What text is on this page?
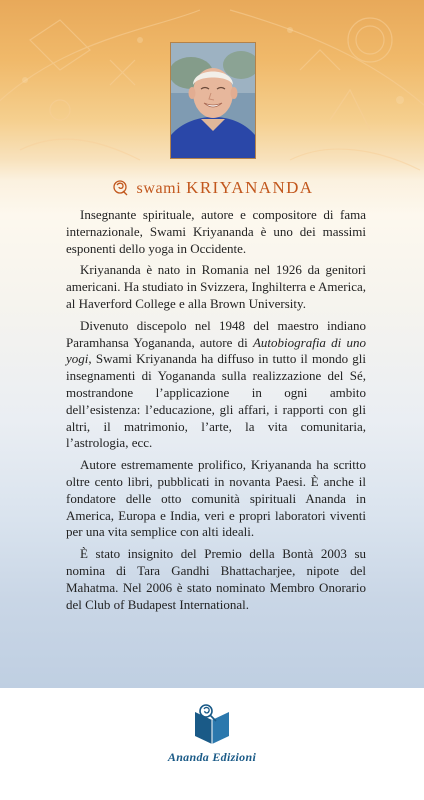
swami KRIYANANDA

Insegnante spirituale, autore e compositore di fama internazionale, Swami Kriyananda è uno dei massimi esponenti dello yoga in Occidente.

Kriyananda è nato in Romania nel 1926 da genitori americani. Ha studiato in Svizzera, Inghilterra e America, al Haverford College e alla Brown University.

Divenuto discepolo nel 1948 del maestro indiano Paramhansa Yogananda, autore di Autobiografia di uno yogi, Swami Kriyananda ha diffuso in tutto il mondo gli insegnamenti di Yogananda sulla realizzazione del Sé, mostrandone l’applicazione in ogni ambito dell’esistenza: l’educazione, gli affari, i rapporti con gli altri, il matrimonio, l’arte, la vita comunitaria, l’astrologia, ecc.

Autore estremamente prolifico, Kriyananda ha scritto oltre cento libri, pubblicati in novanta Paesi. È anche il fondatore delle otto comunità spirituali Ananda in America, Europa e India, veri e propri laboratori viventi per una vita semplice con alti ideali.

È stato insignito del Premio della Bontà 2003 su nomina di Tara Gandhi Bhattacharjee, nipote del Mahatma. Nel 2006 è stato nominato Membro Onorario del Club of Budapest International.

Ananda Edizioni
